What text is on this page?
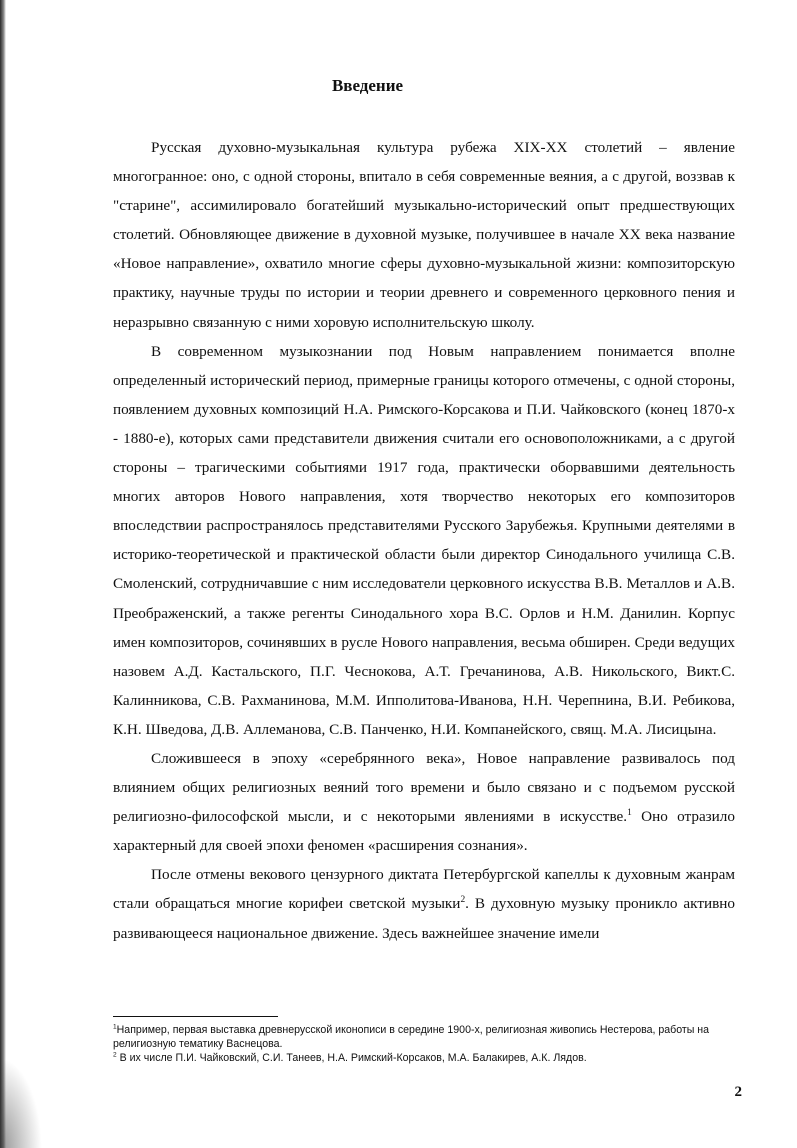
Введение

Русская духовно-музыкальная культура рубежа XIX-XX столетий – явление многогранное: оно, с одной стороны, впитало в себя современные веяния, а с другой, воззвав к "старине", ассимилировало богатейший музыкально-исторический опыт предшествующих столетий. Обновляющее движение в духовной музыке, получившее в начале XX века название «Новое направление», охватило многие сферы духовно-музыкальной жизни: композиторскую практику, научные труды по истории и теории древнего и современного церковного пения и неразрывно связанную с ними хоровую исполнительскую школу.

В современном музыкознании под Новым направлением понимается вполне определенный исторический период, примерные границы которого отмечены, с одной стороны, появлением духовных композиций Н.А. Римского-Корсакова и П.И. Чайковского (конец 1870-х - 1880-е), которых сами представители движения считали его основоположниками, а с другой стороны – трагическими событиями 1917 года, практически оборвавшими деятельность многих авторов Нового направления, хотя творчество некоторых его композиторов впоследствии распространялось представителями Русского Зарубежья. Крупными деятелями в историко-теоретической и практической области были директор Синодального училища С.В. Смоленский, сотрудничавшие с ним исследователи церковного искусства В.В. Металлов и А.В. Преображенский, а также регенты Синодального хора В.С. Орлов и Н.М. Данилин. Корпус имен композиторов, сочинявших в русле Нового направления, весьма обширен. Среди ведущих назовем А.Д. Кастальского, П.Г. Чеснокова, А.Т. Гречанинова, А.В. Никольского, Викт.С. Калинникова, С.В. Рахманинова, М.М. Ипполитова-Иванова, Н.Н. Черепнина, В.И. Ребикова, К.Н. Шведова, Д.В. Аллеманова, С.В. Панченко, Н.И. Компанейского, свящ. М.А. Лисицына.

Сложившееся в эпоху «серебрянного века», Новое направление развивалось под влиянием общих религиозных веяний того времени и было связано и с подъемом русской религиозно-философской мысли, и с некоторыми явлениями в искусстве.$^1$ Оно отразило характерный для своей эпохи феномен «расширения сознания».

После отмены векового цензурного диктата Петербургской капеллы к духовным жанрам стали обращаться многие корифеи светской музыки$^2$. В духовную музыку проникло активно развивающееся национальное движение. Здесь важнейшее значение имели

$^1$Например, первая выставка древнерусской иконописи в середине 1900-х, религиозная живопись Нестерова, работы на религиозную тематику Васнецова.

$^2$ В их числе П.И. Чайковский, С.И. Танеев, Н.А. Римский-Корсаков, М.А. Балакирев, А.К. Лядов.

2
